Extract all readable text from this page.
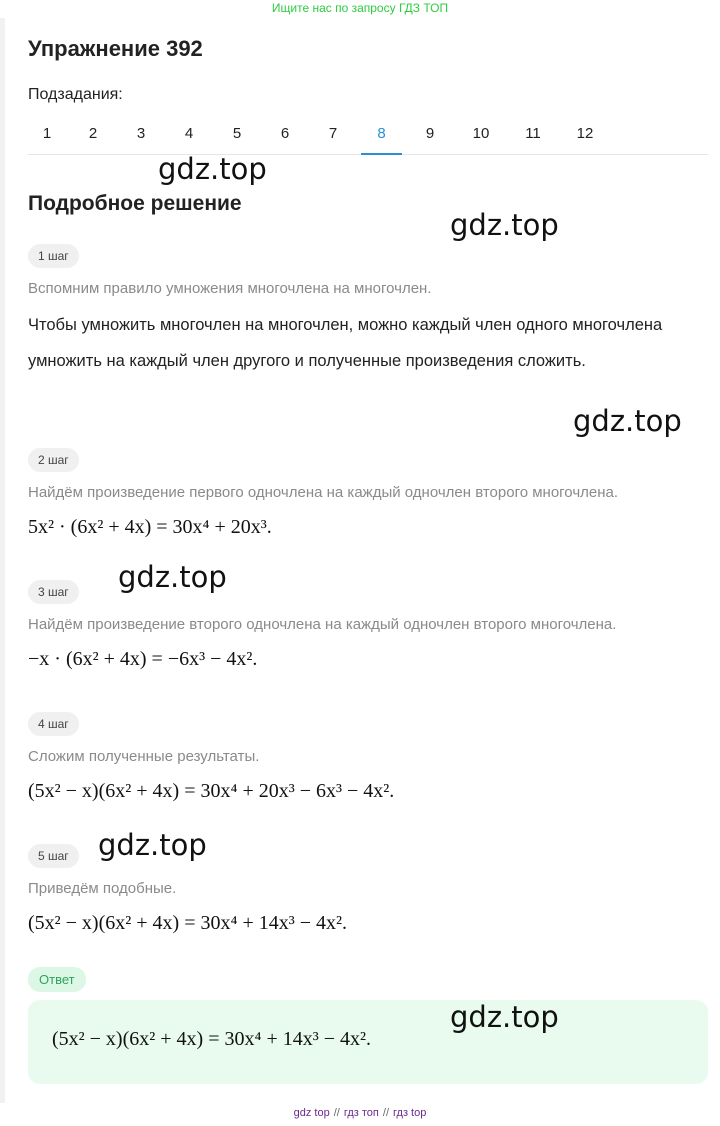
Ищите нас по запросу ГДЗ ТОП
Упражнение 392
Подзадания:
1	2	3	4	5	6	7	8	9	10	11	12
gdz.top
Подробное решение
gdz.top
1 шаг
Вспомним правило умножения многочлена на многочлен.
Чтобы умножить многочлен на многочлен, можно каждый член одного многочлена умножить на каждый член другого и полученные произведения сложить.
gdz.top
2 шаг
Найдём произведение первого одночлена на каждый одночлен второго многочлена.
5x² · (6x² + 4x) = 30x⁴ + 20x³.
gdz.top
3 шаг
Найдём произведение второго одночлена на каждый одночлен второго многочлена.
−x · (6x² + 4x) = −6x³ − 4x².
4 шаг
Сложим полученные результаты.
(5x² − x)(6x² + 4x) = 30x⁴ + 20x³ − 6x³ − 4x².
gdz.top
5 шаг
Приведём подобные.
(5x² − x)(6x² + 4x) = 30x⁴ + 14x³ − 4x².
Ответ
(5x² − x)(6x² + 4x) = 30x⁴ + 14x³ − 4x².
gdz.top
gdz top // гдз топ // гдз top
